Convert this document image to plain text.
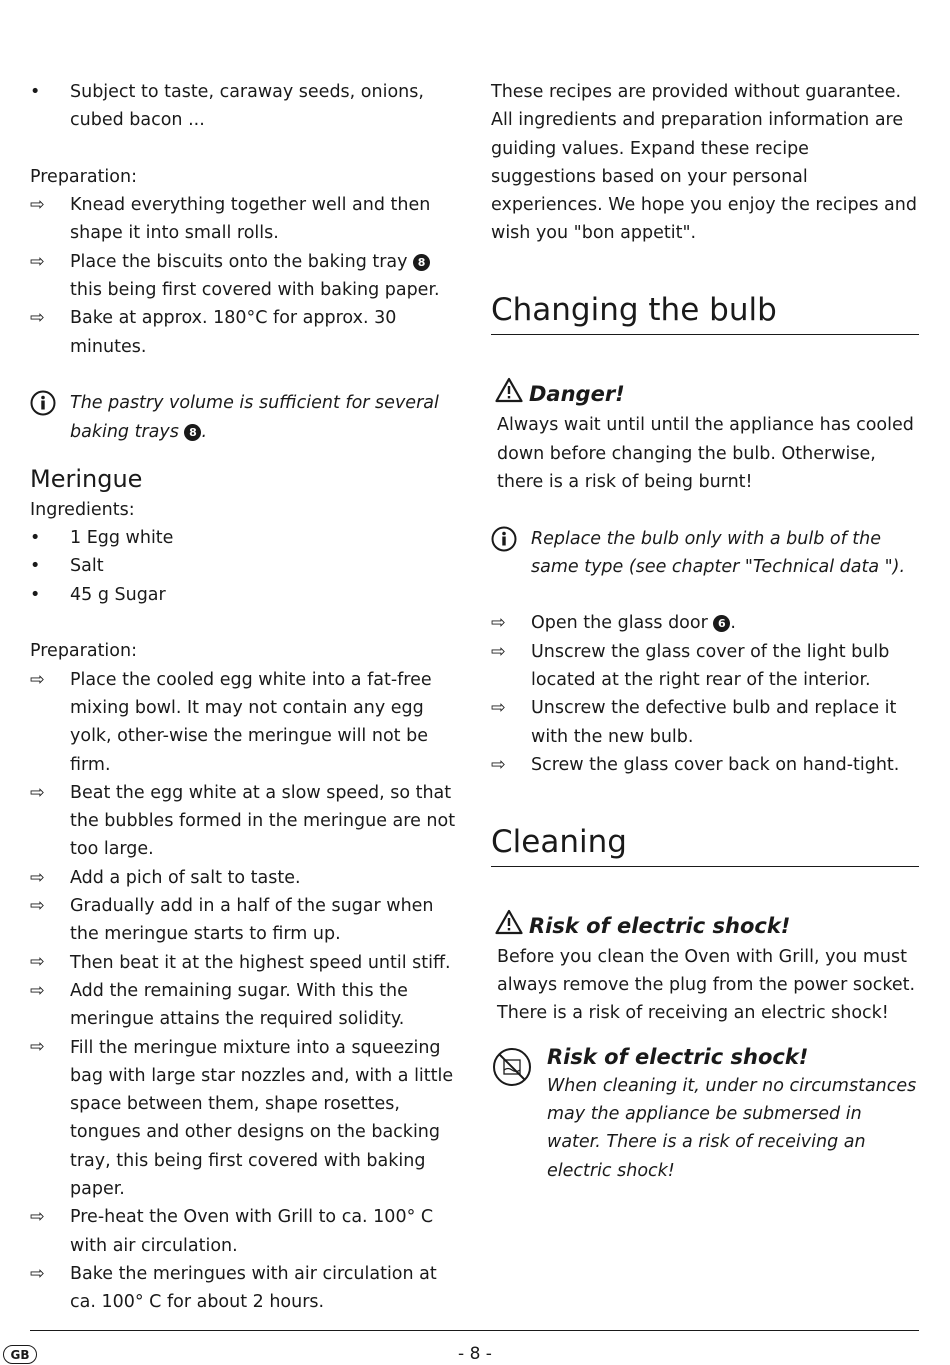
•	Subject to taste, caraway seeds, onions, cubed bacon ...
Preparation:
⇨	Knead everything together well and then shape it into small rolls.
⇨	Place the biscuits onto the baking tray 8 this being first covered with baking paper.
⇨	Bake at approx. 180°C for approx. 30 minutes.
The pastry volume is sufficient for several baking trays 8 .
Meringue
Ingredients:
•	1 Egg white
•	Salt
•	45 g Sugar
Preparation:
⇨	Place the cooled egg white into a fat-free mixing bowl. It may not contain any egg yolk, other-wise the meringue will not be firm.
⇨	Beat the egg white at a slow speed, so that the bubbles formed in the meringue are not too large.
⇨	Add a pich of salt to taste.
⇨	Gradually add in a half of the sugar when the meringue starts to firm up.
⇨	Then beat it at the highest speed until stiff.
⇨	Add the remaining sugar. With this the meringue attains the required solidity.
⇨	Fill the meringue mixture into a squeezing bag with large star nozzles and, with a little space between them, shape rosettes, tongues and other designs on the backing tray, this being first covered with baking paper.
⇨	Pre-heat the Oven with Grill to ca. 100° C with air circulation.
⇨	Bake the meringues with air circulation at ca. 100° C for about 2 hours.
These recipes are provided without guarantee. All ingredients and preparation information are guiding values. Expand these recipe suggestions based on your personal experiences. We hope you enjoy the recipes and wish you "bon appetit".
Changing the bulb
Danger!
Always wait until until the appliance has cooled down before changing the bulb. Otherwise, there is a risk of being burnt!
Replace the bulb only with a bulb of the same type (see chapter "Technical data ").
⇨	Open the glass door 6 .
⇨	Unscrew the glass cover of the light bulb located at the right rear of the interior.
⇨	Unscrew the defective bulb and replace it with the new bulb.
⇨	Screw the glass cover back on hand-tight.
Cleaning
Risk of electric shock!
Before you clean the Oven with Grill, you must always remove the plug from the power socket. There is a risk of receiving an electric shock!
Risk of electric shock!
When cleaning it, under no circumstances may the appliance be submersed in water. There is a risk of receiving an electric shock!
GB	- 8 -
